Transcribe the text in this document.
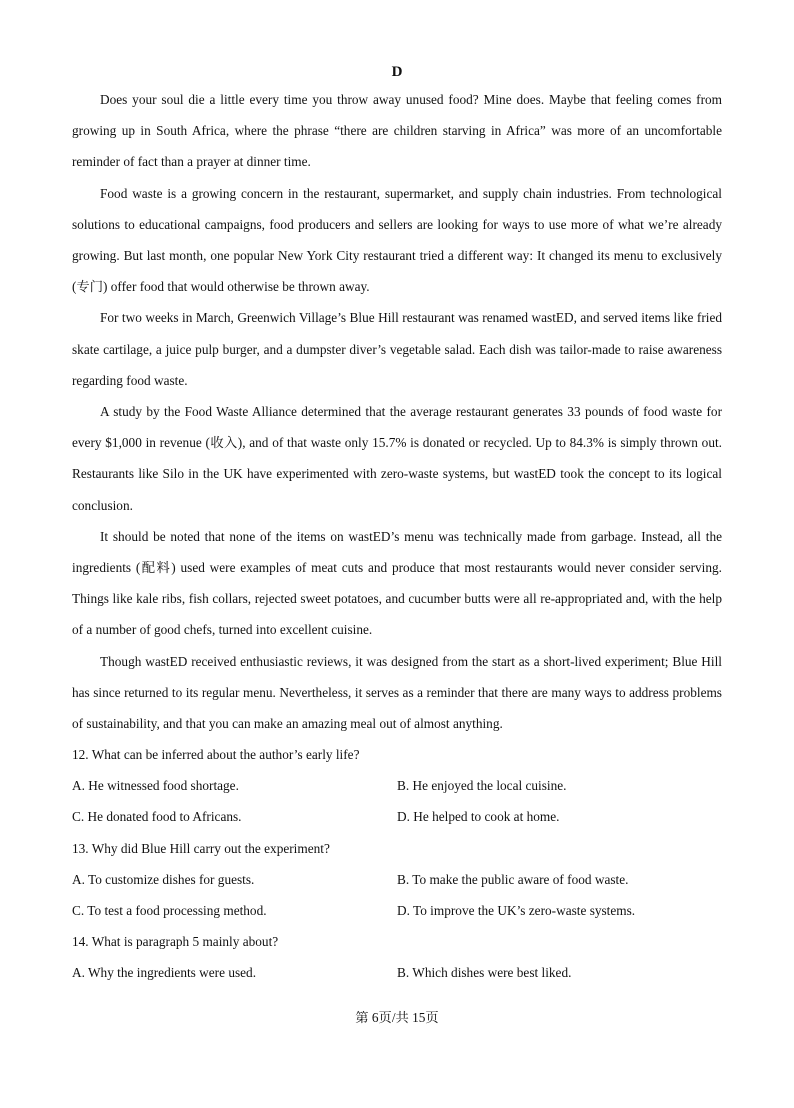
D

Does your soul die a little every time you throw away unused food? Mine does. Maybe that feeling comes from growing up in South Africa, where the phrase “there are children starving in Africa” was more of an uncomfortable reminder of fact than a prayer at dinner time.

Food waste is a growing concern in the restaurant, supermarket, and supply chain industries. From technological solutions to educational campaigns, food producers and sellers are looking for ways to use more of what we’re already growing. But last month, one popular New York City restaurant tried a different way: It changed its menu to exclusively (专门) offer food that would otherwise be thrown away.

For two weeks in March, Greenwich Village’s Blue Hill restaurant was renamed wastED, and served items like fried skate cartilage, a juice pulp burger, and a dumpster diver’s vegetable salad. Each dish was tailor-made to raise awareness regarding food waste.

A study by the Food Waste Alliance determined that the average restaurant generates 33 pounds of food waste for every $1,000 in revenue (收入), and of that waste only 15.7% is donated or recycled. Up to 84.3% is simply thrown out. Restaurants like Silo in the UK have experimented with zero-waste systems, but wastED took the concept to its logical conclusion.

It should be noted that none of the items on wastED’s menu was technically made from garbage. Instead, all the ingredients (配料) used were examples of meat cuts and produce that most restaurants would never consider serving. Things like kale ribs, fish collars, rejected sweet potatoes, and cucumber butts were all re-appropriated and, with the help of a number of good chefs, turned into excellent cuisine.

Though wastED received enthusiastic reviews, it was designed from the start as a short-lived experiment; Blue Hill has since returned to its regular menu. Nevertheless, it serves as a reminder that there are many ways to address problems of sustainability, and that you can make an amazing meal out of almost anything.

12. What can be inferred about the author’s early life?
A. He witnessed food shortage.	B. He enjoyed the local cuisine.
C. He donated food to Africans.	D. He helped to cook at home.
13. Why did Blue Hill carry out the experiment?
A. To customize dishes for guests.	B. To make the public aware of food waste.
C. To test a food processing method.	D. To improve the UK’s zero-waste systems.
14. What is paragraph 5 mainly about?
A. Why the ingredients were used.	B. Which dishes were best liked.
第 6页/共 15页
